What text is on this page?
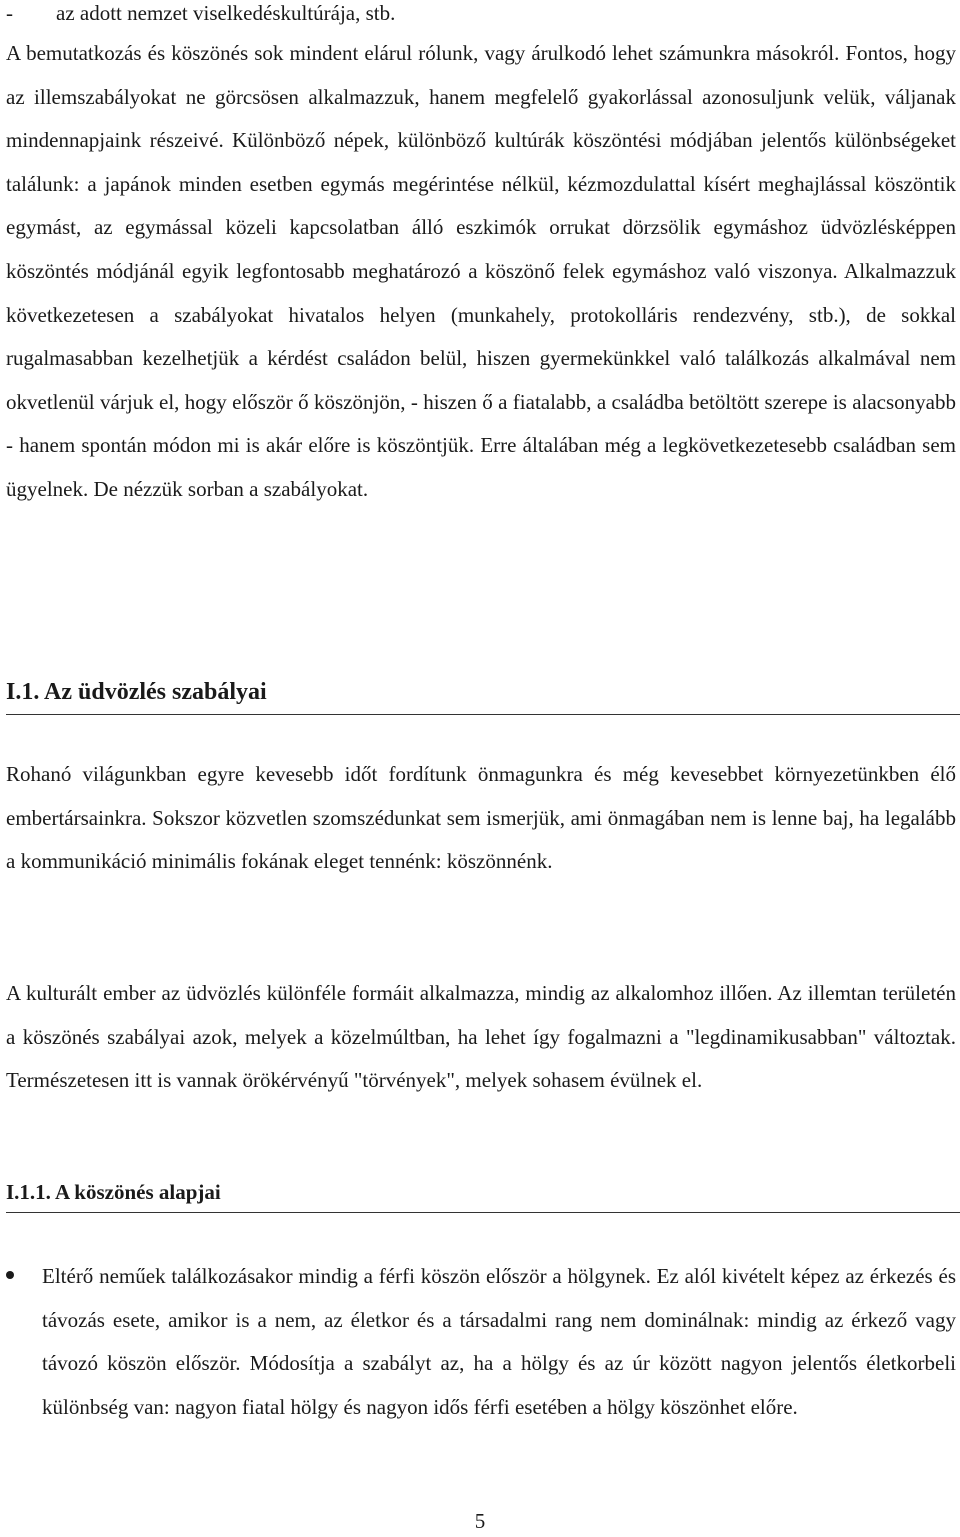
- az adott nemzet viselkedéskultúrája, stb.

A bemutatkozás és köszönés sok mindent elárul rólunk, vagy árulkodó lehet számunkra másokról. Fontos, hogy az illemszabályokat ne görcsösen alkalmazzuk, hanem megfelelő gyakorlással azonosuljunk velük, váljanak mindennapjaink részeivé. Különböző népek, különböző kultúrák köszöntési módjában jelentős különbségeket találunk: a japánok minden esetben egymás megérintése nélkül, kézmozdulattal kísért meghajlással köszöntik egymást, az egymással közeli kapcsolatban álló eszkimók orrukat dörzsölik egymáshoz üdvözlésképpen köszöntés módjánál egyik legfontosabb meghatározó a köszönő felek egymáshoz való viszonya. Alkalmazzuk következetesen a szabályokat hivatalos helyen (munkahely, protokolláris rendezvény, stb.), de sokkal rugalmasabban kezelhetjük a kérdést családon belül, hiszen gyermekünkkel való találkozás alkalmával nem okvetlenül várjuk el, hogy először ő köszönjön, - hiszen ő a fiatalabb, a családba betöltött szerepe is alacsonyabb - hanem spontán módon mi is akár előre is köszöntjük. Erre általában még a legkövetkezetesebb családban sem ügyelnek. De nézzük sorban a szabályokat.

I.1. Az üdvözlés szabályai

Rohanó világunkban egyre kevesebb időt fordítunk önmagunkra és még kevesebbet környezetünkben élő embertársainkra. Sokszor közvetlen szomszédunkat sem ismerjük, ami önmagában nem is lenne baj, ha legalább a kommunikáció minimális fokának eleget tennénk: köszönnénk.

A kulturált ember az üdvözlés különféle formáit alkalmazza, mindig az alkalomhoz illően. Az illemtan területén a köszönés szabályai azok, melyek a közelmúltban, ha lehet így fogalmazni a "legdinamikusabban" változtak. Természetesen itt is vannak örökérvényű "törvények", melyek sohasem évülnek el.

I.1.1. A köszönés alapjai

Eltérő neműek találkozásakor mindig a férfi köszön először a hölgynek. Ez alól kivételt képez az érkezés és távozás esete, amikor is a nem, az életkor és a társadalmi rang nem dominálnak: mindig az érkező vagy távozó köszön először. Módosítja a szabályt az, ha a hölgy és az úr között nagyon jelentős életkorbeli különbség van: nagyon fiatal hölgy és nagyon idős férfi esetében a hölgy köszönhet előre.

5
